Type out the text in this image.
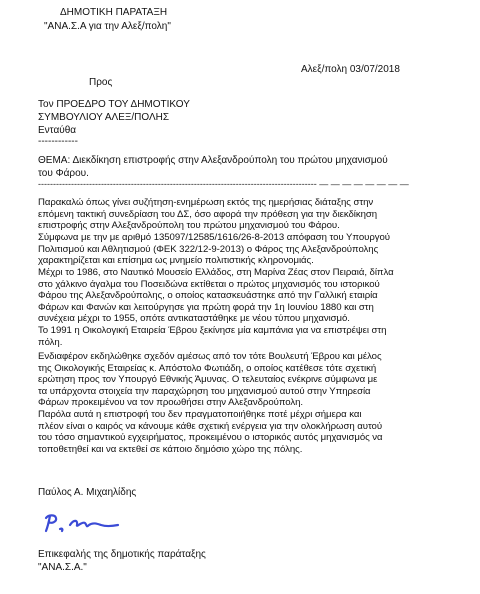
ΔΗΜΟΤΙΚΗ ΠΑΡΑΤΑΞΗ
"ΑΝΑ.Σ.Α για την Αλεξ/πολη"
Αλεξ/πολη 03/07/2018
Προς
Τον ΠΡΟΕΔΡΟ ΤΟΥ ΔΗΜΟΤΙΚΟΥ
ΣΥΜΒΟΥΛΙΟΥ ΑΛΕΞ/ΠΟΛΗΣ
Ενταύθα
------------
ΘΕΜΑ: Διεκδίκηση επιστροφής στην Αλεξανδρούπολη του πρώτου μηχανισμού
του Φάρου.
--------------------------------------------------------------------------------------------- — — — — — — — —
Παρακαλώ όπως γίνει συζήτηση-ενημέρωση εκτός της ημερήσιας διάταξης στην
επόμενη τακτική συνεδρίαση του ΔΣ, όσο αφορά την πρόθεση για την διεκδίκηση
επιστροφής στην Αλεξανδρούπολη του πρώτου μηχανισμού του Φάρου.
Σύμφωνα με την με αριθμό 135097/12585/1616/26-8-2013 απόφαση του Υπουργού
Πολιτισμού και Αθλητισμού (ΦΕΚ 322/12-9-2013) ο Φάρος της Αλεξανδρούπολης
χαρακτηρίζεται και επίσημα ως μνημείο πολιτιστικής κληρονομιάς.
Μέχρι το 1986, στο Ναυτικό Μουσείο Ελλάδος, στη Μαρίνα Ζέας στον Πειραιά, δίπλα
στο χάλκινο άγαλμα του Ποσειδώνα εκτίθεται ο πρώτος μηχανισμός του ιστορικού
Φάρου της Αλεξανδρούπολης, ο οποίος κατασκευάστηκε από την Γαλλική εταιρία
Φάρων και Φανών και λειτούργησε για πρώτη φορά την 1η Ιουνίου 1880 και στη
συνέχεια μέχρι το 1955, οπότε αντικαταστάθηκε με νέου τύπου μηχανισμό.
Το 1991 η Οικολογική Εταιρεία Έβρου ξεκίνησε μία καμπάνια για να επιστρέψει στη
πόλη.
Ενδιαφέρον εκδηλώθηκε σχεδόν αμέσως από τον τότε Βουλευτή Έβρου και μέλος
της Οικολογικής Εταιρείας κ. Απόστολο Φωτιάδη, ο οποίος κατέθεσε τότε σχετική
ερώτηση προς τον Υπουργό Εθνικής Άμυνας. Ο τελευταίος ενέκρινε σύμφωνα με
τα υπάρχοντα στοιχεία την παραχώρηση του μηχανισμού αυτού στην Υπηρεσία
Φάρων προκειμένου να τον προωθήσει στην Αλεξανδρούπολη.
Παρόλα αυτά η επιστροφή του δεν πραγματοποιήθηκε ποτέ μέχρι σήμερα και
πλέον είναι ο καιρός να κάνουμε κάθε σχετική ενέργεια για την ολοκλήρωση αυτού
του τόσο σημαντικού εγχειρήματος, προκειμένου ο ιστορικός αυτός μηχανισμός να
τοποθετηθεί και να εκτεθεί σε κάποιο δημόσιο χώρο της πόλης.
Παύλος Α. Μιχαηλίδης
Επικεφαλής της δημοτικής παράταξης
"ΑΝΑ.Σ.Α."
